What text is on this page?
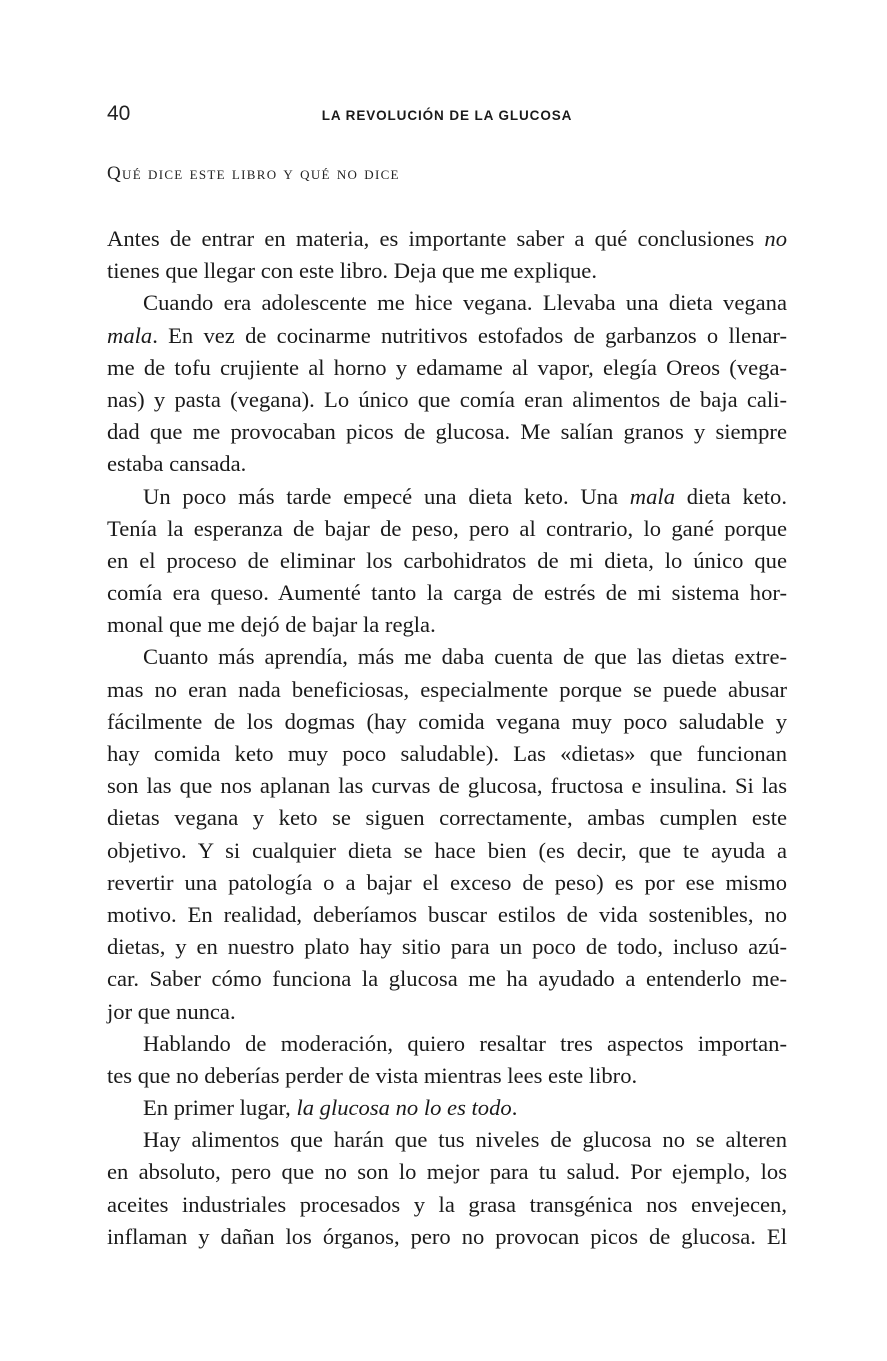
40	LA REVOLUCIÓN DE LA GLUCOSA
Qué dice este libro y qué no dice
Antes de entrar en materia, es importante saber a qué conclusiones no
tienes que llegar con este libro. Deja que me explique.
Cuando era adolescente me hice vegana. Llevaba una dieta vegana
mala. En vez de cocinarme nutritivos estofados de garbanzos o llenar-
me de tofu crujiente al horno y edamame al vapor, elegía Oreos (vega-
nas) y pasta (vegana). Lo único que comía eran alimentos de baja cali-
dad que me provocaban picos de glucosa. Me salían granos y siempre
estaba cansada.
Un poco más tarde empecé una dieta keto. Una mala dieta keto.
Tenía la esperanza de bajar de peso, pero al contrario, lo gané porque
en el proceso de eliminar los carbohidratos de mi dieta, lo único que
comía era queso. Aumenté tanto la carga de estrés de mi sistema hor-
monal que me dejó de bajar la regla.
Cuanto más aprendía, más me daba cuenta de que las dietas extre-
mas no eran nada beneficiosas, especialmente porque se puede abusar
fácilmente de los dogmas (hay comida vegana muy poco saludable y
hay comida keto muy poco saludable). Las «dietas» que funcionan
son las que nos aplanan las curvas de glucosa, fructosa e insulina. Si las
dietas vegana y keto se siguen correctamente, ambas cumplen este
objetivo. Y si cualquier dieta se hace bien (es decir, que te ayuda a
revertir una patología o a bajar el exceso de peso) es por ese mismo
motivo. En realidad, deberíamos buscar estilos de vida sostenibles, no
dietas, y en nuestro plato hay sitio para un poco de todo, incluso azú-
car. Saber cómo funciona la glucosa me ha ayudado a entenderlo me-
jor que nunca.
Hablando de moderación, quiero resaltar tres aspectos importan-
tes que no deberías perder de vista mientras lees este libro.
En primer lugar, la glucosa no lo es todo.
Hay alimentos que harán que tus niveles de glucosa no se alteren
en absoluto, pero que no son lo mejor para tu salud. Por ejemplo, los
aceites industriales procesados y la grasa transgénica nos envejecen,
inflaman y dañan los órganos, pero no provocan picos de glucosa. El
